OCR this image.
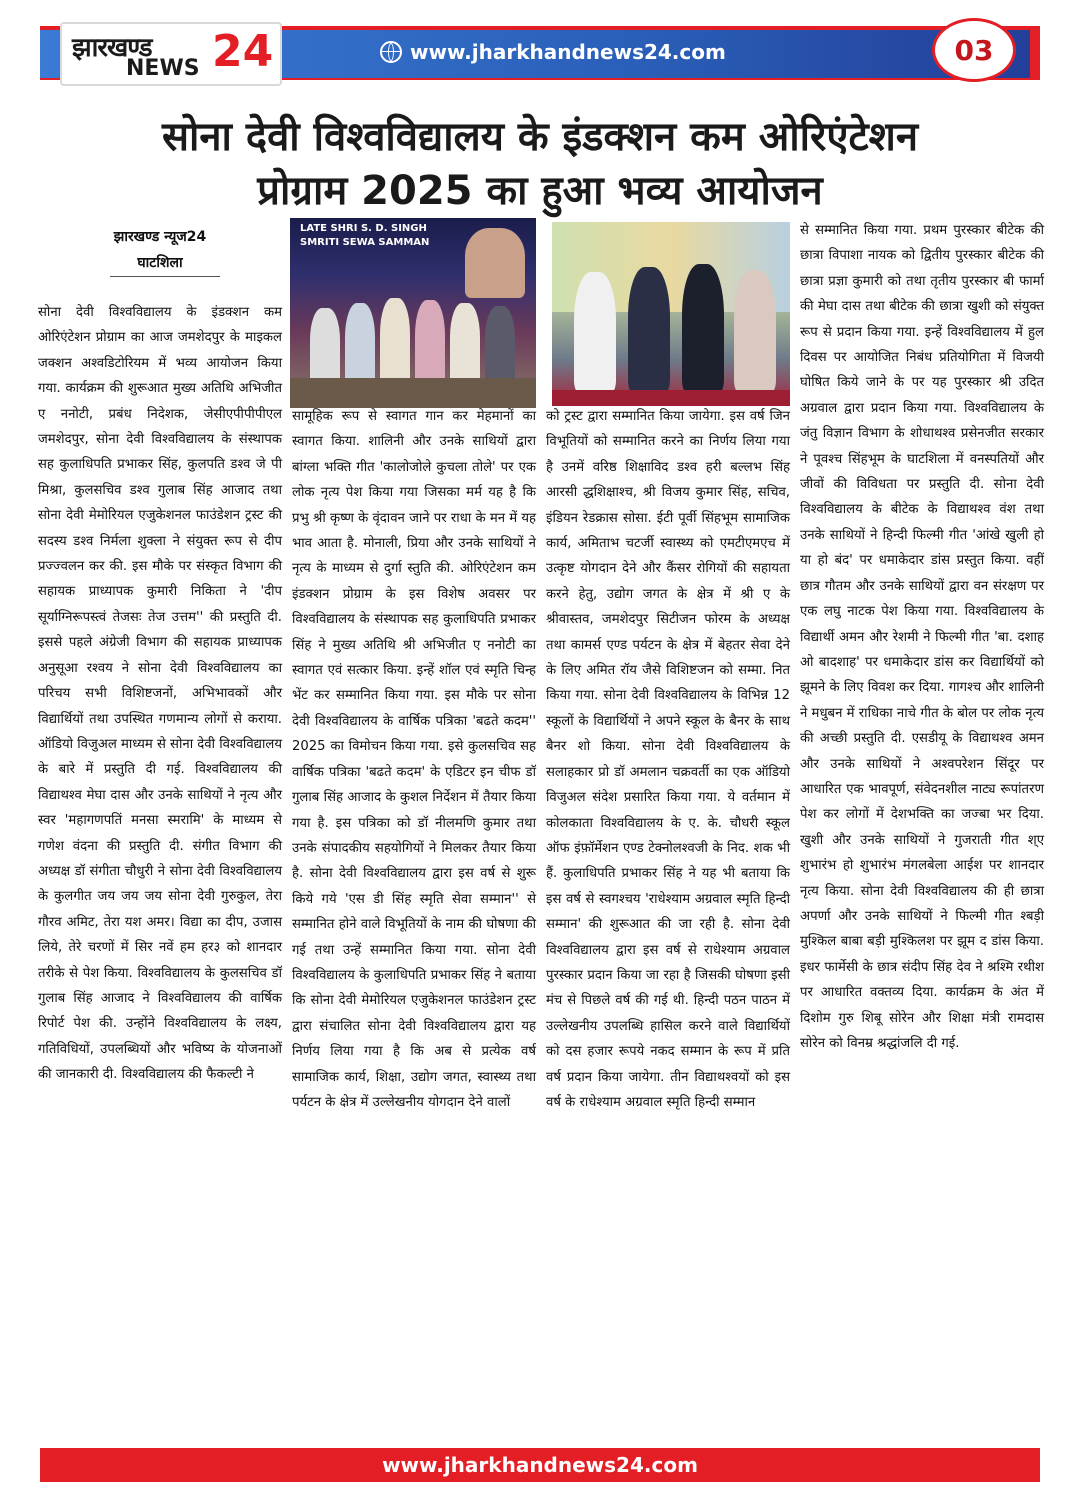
झारखण्ड
NEWS 24	www.jharkhandnews24.com	03
सोना देवी विश्वविद्यालय के इंडक्शन कम ओरिएंटेशन
प्रोग्राम 2025 का हुआ भव्य आयोजन
झारखण्ड न्यूज24
घाटशिला
LATE SHRI S. D. SINGH
SMRITI SEWA SAMMAN
सोना देवी विश्वविद्यालय के इंडक्शन कम ओरिएंटेशन प्रोग्राम का आज जमशेदपुर के माइकल जक्शन अश्वडिटोरियम में भव्य आयोजन किया गया. कार्यक्रम की शुरूआत मुख्य अतिथि अभिजीत ए ननोटी, प्रबंध निदेशक, जेसीएपीपीपीएल जमशेदपुर, सोना देवी विश्वविद्यालय के संस्थापक सह कुलाधिपति प्रभाकर सिंह, कुलपति डश्व जे पी मिश्रा, कुलसचिव डश्व गुलाब सिंह आजाद तथा सोना देवी मेमोरियल एजुकेशनल फाउंडेशन ट्रस्ट की सदस्य डश्व निर्मला शुक्ला ने संयुक्त रूप से दीप प्रज्ज्वलन कर की. इस मौके पर संस्कृत विभाग की सहायक प्राध्यापक कुमारी निकिता ने 'दीप सूर्याग्निरूपस्त्वं तेजसः तेज उत्तम'' की प्रस्तुति दी. इससे पहले अंग्रेजी विभाग की सहायक प्राध्यापक अनुसूआ रश्वय ने सोना देवी विश्वविद्यालय का परिचय सभी विशिष्टजनों, अभिभावकों और विद्यार्थियों तथा उपस्थित गणमान्य लोगों से कराया. ऑडियो विजुअल माध्यम से सोना देवी विश्वविद्यालय के बारे में प्रस्तुति दी गई. विश्वविद्यालय की विद्याथश्व मेघा दास और उनके साथियों ने नृत्य और स्वर 'महागणपतिं मनसा स्मरामि' के माध्यम से गणेश वंदना की प्रस्तुति दी. संगीत विभाग की अध्यक्ष डॉ संगीता चौधुरी ने सोना देवी विश्वविद्यालय के कुलगीत जय जय जय सोना देवी गुरुकुल, तेरा गौरव अमिट, तेरा यश अमर। विद्या का दीप, उजास लिये, तेरे चरणों में सिर नवें हम हर३ को शानदार तरीके से पेश किया. विश्वविद्यालय के कुलसचिव डॉ गुलाब सिंह आजाद ने विश्वविद्यालय की वार्षिक रिपोर्ट पेश की. उन्होंने विश्वविद्यालय के लक्ष्य, गतिविधियों, उपलब्धियों और भविष्य के योजनाओं की जानकारी दी. विश्वविद्यालय की फैकल्टी ने
सामूहिक रूप से स्वागत गान कर मेहमानों का स्वागत किया. शालिनी और उनके साथियों द्वारा बांग्ला भक्ति गीत 'कालोजोले कुचला तोले' पर एक लोक नृत्य पेश किया गया जिसका मर्म यह है कि प्रभु श्री कृष्ण के वृंदावन जाने पर राधा के मन में यह भाव आता है. मोनाली, प्रिया और उनके साथियों ने नृत्य के माध्यम से दुर्गा स्तुति की. ओरिएंटेशन कम इंडक्शन प्रोग्राम के इस विशेष अवसर पर विश्वविद्यालय के संस्थापक सह कुलाधिपति प्रभाकर सिंह ने मुख्य अतिथि श्री अभिजीत ए ननोटी का स्वागत एवं सत्कार किया. इन्हें शॉल एवं स्मृति चिन्ह भेंट कर सम्मानित किया गया. इस मौके पर सोना देवी विश्वविद्यालय के वार्षिक पत्रिका 'बढते कदम'' 2025 का विमोचन किया गया. इसे कुलसचिव सह वार्षिक पत्रिका 'बढते कदम' के एडिटर इन चीफ डॉ गुलाब सिंह आजाद के कुशल निर्देशन में तैयार किया गया है. इस पत्रिका को डॉ नीलमणि कुमार तथा उनके संपादकीय सहयोगियों ने मिलकर तैयार किया है. सोना देवी विश्वविद्यालय द्वारा इस वर्ष से शुरू किये गये 'एस डी सिंह स्मृति सेवा सम्मान'' से सम्मानित होने वाले विभूतियों के नाम की घोषणा की गई तथा उन्हें सम्मानित किया गया. सोना देवी विश्वविद्यालय के कुलाधिपति प्रभाकर सिंह ने बताया कि सोना देवी मेमोरियल एजुकेशनल फाउंडेशन ट्रस्ट द्वारा संचालित सोना देवी विश्वविद्यालय द्वारा यह निर्णय लिया गया है कि अब से प्रत्येक वर्ष सामाजिक कार्य, शिक्षा, उद्योग जगत, स्वास्थ्य तथा पर्यटन के क्षेत्र में उल्लेखनीय योगदान देने वालों
को ट्रस्ट द्वारा सम्मानित किया जायेगा. इस वर्ष जिन विभूतियों को सम्मानित करने का निर्णय लिया गया है उनमें वरिष्ठ शिक्षाविद डश्व हरी बल्लभ सिंह आरसी द्धशिक्षाश्च, श्री विजय कुमार सिंह, सचिव, इंडियन रेडक्रास सोसा. ईटी पूर्वी सिंहभूम सामाजिक कार्य, अमिताभ चटर्जी स्वास्थ्य को एमटीएमएच में उत्कृष्ट योगदान देने और कैंसर रोगियों की सहायता करने हेतु, उद्योग जगत के क्षेत्र में श्री ए के श्रीवास्तव, जमशेदपुर सिटीजन फोरम के अध्यक्ष तथा कामर्स एण्ड पर्यटन के क्षेत्र में बेहतर सेवा देने के लिए अमित रॉय जैसे विशिष्टजन को सम्मा. नित किया गया. सोना देवी विश्वविद्यालय के विभिन्न 12 स्कूलों के विद्यार्थियों ने अपने स्कूल के बैनर के साथ बैनर शो किया. सोना देवी विश्वविद्यालय के सलाहकार प्रो डॉ अमलान चक्रवर्ती का एक ऑडियो विजुअल संदेश प्रसारित किया गया. ये वर्तमान में कोलकाता विश्वविद्यालय के ए. के. चौधरी स्कूल ऑफ इंफ़ॉर्मेशन एण्ड टेक्नोलश्वजी के निद. शक भी हैं. कुलाधिपति प्रभाकर सिंह ने यह भी बताया कि इस वर्ष से स्वगश्चय 'राधेश्याम अग्रवाल स्मृति हिन्दी सम्मान' की शुरूआत की जा रही है. सोना देवी विश्वविद्यालय द्वारा इस वर्ष से राधेश्याम अग्रवाल पुरस्कार प्रदान किया जा रहा है जिसकी घोषणा इसी मंच से पिछले वर्ष की गई थी. हिन्दी पठन पाठन में उल्लेखनीय उपलब्धि हासिल करने वाले विद्यार्थियों को दस हजार रूपये नकद सम्मान के रूप में प्रति वर्ष प्रदान किया जायेगा. तीन विद्याथश्वयों को इस वर्ष के राधेश्याम अग्रवाल स्मृति हिन्दी सम्मान
से सम्मानित किया गया. प्रथम पुरस्कार बीटेक की छात्रा विपाशा नायक को द्वितीय पुरस्कार बीटेक की छात्रा प्रज्ञा कुमारी को तथा तृतीय पुरस्कार बी फार्मा की मेघा दास तथा बीटेक की छात्रा खुशी को संयुक्त रूप से प्रदान किया गया. इन्हें विश्वविद्यालय में हुल दिवस पर आयोजित निबंध प्रतियोगिता में विजयी घोषित किये जाने के पर यह पुरस्कार श्री उदित अग्रवाल द्वारा प्रदान किया गया. विश्वविद्यालय के जंतु विज्ञान विभाग के शोधाथश्व प्रसेनजीत सरकार ने पूवश्च सिंहभूम के घाटशिला में वनस्पतियों और जीवों की विविधता पर प्रस्तुति दी. सोना देवी विश्वविद्यालय के बीटेक के विद्याथश्व वंश तथा उनके साथियों ने हिन्दी फिल्मी गीत 'आंखे खुली हो या हो बंद' पर धमाकेदार डांस प्रस्तुत किया. वहीं छात्र गौतम और उनके साथियों द्वारा वन संरक्षण पर एक लघु नाटक पेश किया गया. विश्वविद्यालय के विद्यार्थी अमन और रेशमी ने फिल्मी गीत 'बा. दशाह ओ बादशाह' पर धमाकेदार डांस कर विद्यार्थियों को झूमने के लिए विवश कर दिया. गागश्च और शालिनी ने मधुबन में राधिका नाचे गीत के बोल पर लोक नृत्य की अच्छी प्रस्तुति दी. एसडीयू के विद्याथश्व अमन और उनके साथियों ने अश्वपरेशन सिंदूर पर आधारित एक भावपूर्ण, संवेदनशील नाट्य रूपांतरण पेश कर लोगों में देशभक्ति का जज्बा भर दिया. खुशी और उनके साथियों ने गुजराती गीत श्ए शुभारंभ हो शुभारंभ मंगलबेला आईश पर शानदार नृत्य किया. सोना देवी विश्वविद्यालय की ही छात्रा अपर्णा और उनके साथियों ने फिल्मी गीत श्बड़ी मुश्किल बाबा बड़ी मुश्किलश पर झूम द डांस किया. इधर फार्मेसी के छात्र संदीप सिंह देव ने श्रश्मि रथीश पर आधारित वक्तव्य दिया. कार्यक्रम के अंत में दिशोम गुरु शिबू सोरेन और शिक्षा मंत्री रामदास सोरेन को विनम्र श्रद्धांजलि दी गई.
www.jharkhandnews24.com
